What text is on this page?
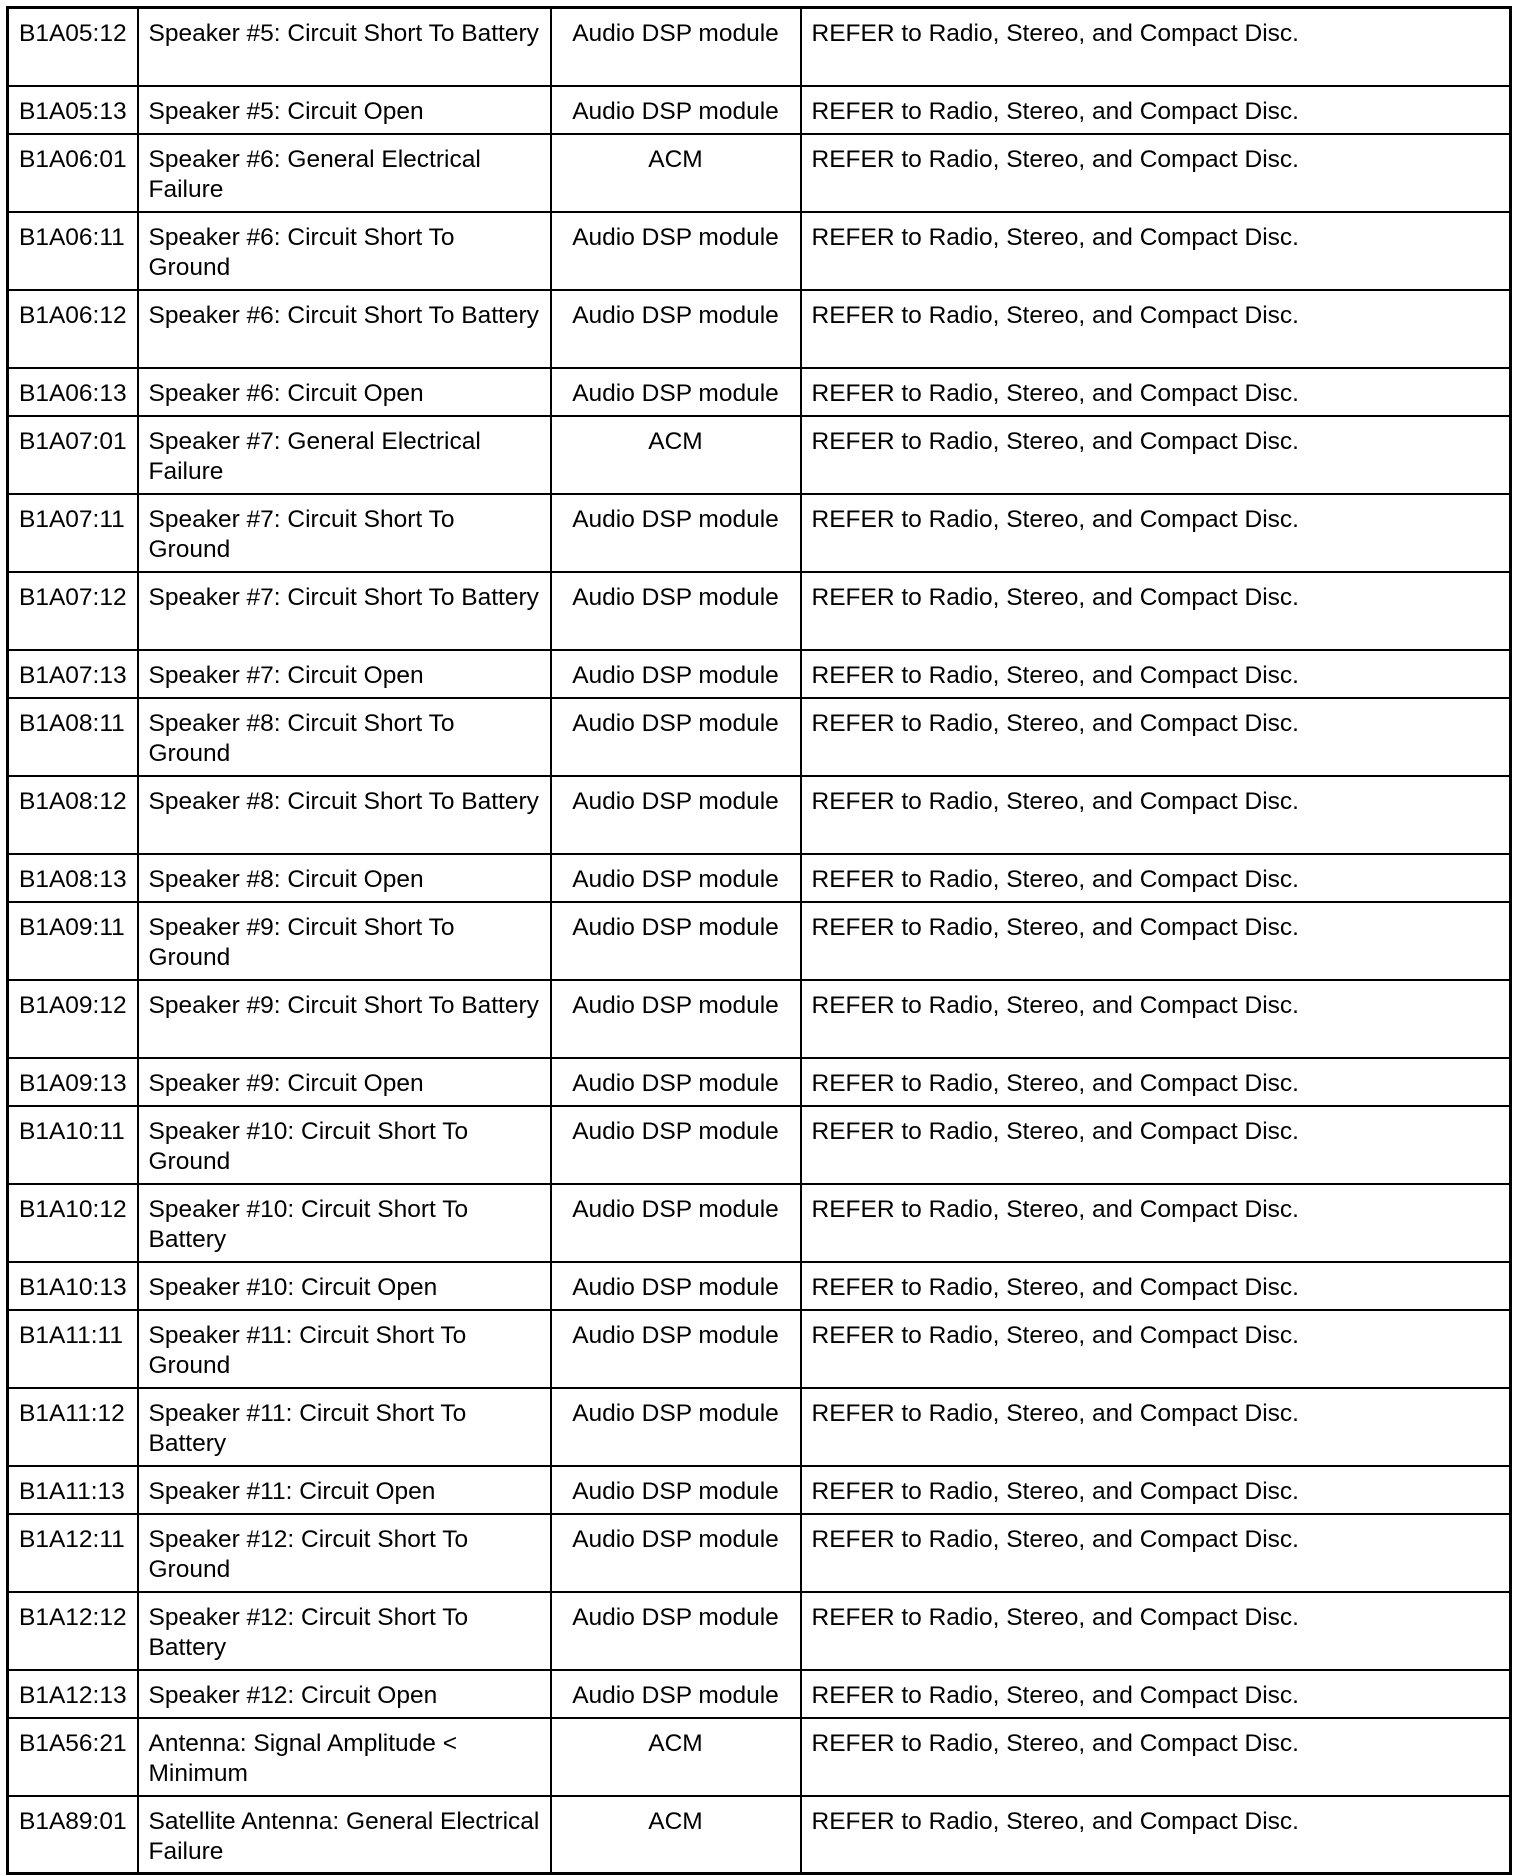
B1A05:12	Speaker #5: Circuit Short To Battery	Audio DSP module	REFER to Radio, Stereo, and Compact Disc.

B1A05:13	Speaker #5: Circuit Open	Audio DSP module	REFER to Radio, Stereo, and Compact Disc.

B1A06:01	Speaker #6: General Electrical Failure	ACM	REFER to Radio, Stereo, and Compact Disc.

B1A06:11	Speaker #6: Circuit Short To Ground	Audio DSP module	REFER to Radio, Stereo, and Compact Disc.

B1A06:12	Speaker #6: Circuit Short To Battery	Audio DSP module	REFER to Radio, Stereo, and Compact Disc.

B1A06:13	Speaker #6: Circuit Open	Audio DSP module	REFER to Radio, Stereo, and Compact Disc.

B1A07:01	Speaker #7: General Electrical Failure	ACM	REFER to Radio, Stereo, and Compact Disc.

B1A07:11	Speaker #7: Circuit Short To Ground	Audio DSP module	REFER to Radio, Stereo, and Compact Disc.

B1A07:12	Speaker #7: Circuit Short To Battery	Audio DSP module	REFER to Radio, Stereo, and Compact Disc.

B1A07:13	Speaker #7: Circuit Open	Audio DSP module	REFER to Radio, Stereo, and Compact Disc.

B1A08:11	Speaker #8: Circuit Short To Ground	Audio DSP module	REFER to Radio, Stereo, and Compact Disc.

B1A08:12	Speaker #8: Circuit Short To Battery	Audio DSP module	REFER to Radio, Stereo, and Compact Disc.

B1A08:13	Speaker #8: Circuit Open	Audio DSP module	REFER to Radio, Stereo, and Compact Disc.

B1A09:11	Speaker #9: Circuit Short To Ground	Audio DSP module	REFER to Radio, Stereo, and Compact Disc.

B1A09:12	Speaker #9: Circuit Short To Battery	Audio DSP module	REFER to Radio, Stereo, and Compact Disc.

B1A09:13	Speaker #9: Circuit Open	Audio DSP module	REFER to Radio, Stereo, and Compact Disc.

B1A10:11	Speaker #10: Circuit Short To Ground	Audio DSP module	REFER to Radio, Stereo, and Compact Disc.

B1A10:12	Speaker #10: Circuit Short To Battery	Audio DSP module	REFER to Radio, Stereo, and Compact Disc.

B1A10:13	Speaker #10: Circuit Open	Audio DSP module	REFER to Radio, Stereo, and Compact Disc.

B1A11:11	Speaker #11: Circuit Short To Ground	Audio DSP module	REFER to Radio, Stereo, and Compact Disc.

B1A11:12	Speaker #11: Circuit Short To Battery	Audio DSP module	REFER to Radio, Stereo, and Compact Disc.

B1A11:13	Speaker #11: Circuit Open	Audio DSP module	REFER to Radio, Stereo, and Compact Disc.

B1A12:11	Speaker #12: Circuit Short To Ground	Audio DSP module	REFER to Radio, Stereo, and Compact Disc.

B1A12:12	Speaker #12: Circuit Short To Battery	Audio DSP module	REFER to Radio, Stereo, and Compact Disc.

B1A12:13	Speaker #12: Circuit Open	Audio DSP module	REFER to Radio, Stereo, and Compact Disc.

B1A56:21	Antenna: Signal Amplitude < Minimum	ACM	REFER to Radio, Stereo, and Compact Disc.

B1A89:01	Satellite Antenna: General Electrical Failure	ACM	REFER to Radio, Stereo, and Compact Disc.
